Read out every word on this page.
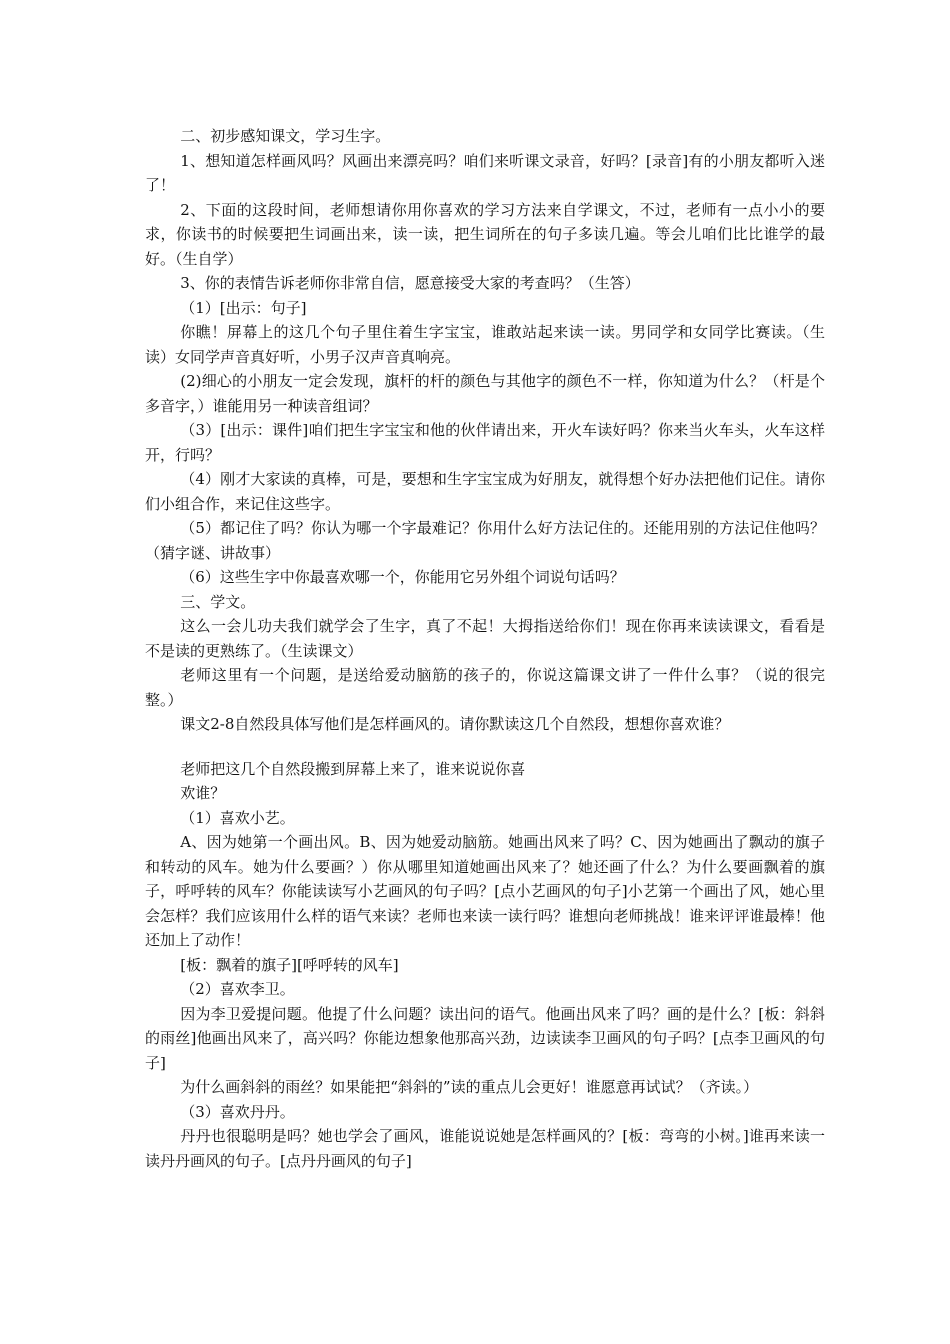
二、初步感知课文，学习生字。

1、想知道怎样画风吗？风画出来漂亮吗？咱们来听课文录音，好吗？[录音]有的小朋友都听入迷了！

2、下面的这段时间，老师想请你用你喜欢的学习方法来自学课文，不过，老师有一点小小的要求，你读书的时候要把生词画出来，读一读，把生词所在的句子多读几遍。等会儿咱们比比谁学的最好。（生自学）

3、你的表情告诉老师你非常自信，愿意接受大家的考查吗？（生答）

（1）[出示：句子]

你瞧！屏幕上的这几个句子里住着生字宝宝，谁敢站起来读一读。男同学和女同学比赛读。（生读）女同学声音真好听，小男子汉声音真响亮。

(2)细心的小朋友一定会发现，旗杆的杆的颜色与其他字的颜色不一样，你知道为什么？（杆是个多音字，）谁能用另一种读音组词？

（3）[出示：课件]咱们把生字宝宝和他的伙伴请出来，开火车读好吗？你来当火车头，火车这样开，行吗？

（4）刚才大家读的真棒，可是，要想和生字宝宝成为好朋友，就得想个好办法把他们记住。请你们小组合作，来记住这些字。

（5）都记住了吗？你认为哪一个字最难记？你用什么好方法记住的。还能用别的方法记住他吗？（猜字谜、讲故事）

（6）这些生字中你最喜欢哪一个，你能用它另外组个词说句话吗？

三、学文。

这么一会儿功夫我们就学会了生字，真了不起！大拇指送给你们！现在你再来读读课文，看看是不是读的更熟练了。（生读课文）

老师这里有一个问题，是送给爱动脑筋的孩子的，你说这篇课文讲了一件什么事？（说的很完整。）

课文2-8自然段具体写他们是怎样画风的。请你默读这几个自然段，想想你喜欢谁？

老师把这几个自然段搬到屏幕上来了，谁来说说你喜

欢谁？

（1）喜欢小艺。

A、因为她第一个画出风。B、因为她爱动脑筋。她画出风来了吗？C、因为她画出了飘动的旗子和转动的风车。她为什么要画？）你从哪里知道她画出风来了？她还画了什么？为什么要画飘着的旗子，呼呼转的风车？你能读读写小艺画风的句子吗？[点小艺画风的句子]小艺第一个画出了风，她心里会怎样？我们应该用什么样的语气来读？老师也来读一读行吗？谁想向老师挑战！谁来评评谁最棒！他还加上了动作！

[板：飘着的旗子][呼呼转的风车]

（2）喜欢李卫。

因为李卫爱提问题。他提了什么问题？读出问的语气。他画出风来了吗？画的是什么？[板：斜斜的雨丝]他画出风来了，高兴吗？你能边想象他那高兴劲，边读读李卫画风的句子吗？[点李卫画风的句子]

为什么画斜斜的雨丝？如果能把“斜斜的”读的重点儿会更好！谁愿意再试试？（齐读。）

（3）喜欢丹丹。

丹丹也很聪明是吗？她也学会了画风，谁能说说她是怎样画风的？[板：弯弯的小树。]谁再来读一读丹丹画风的句子。[点丹丹画风的句子]
